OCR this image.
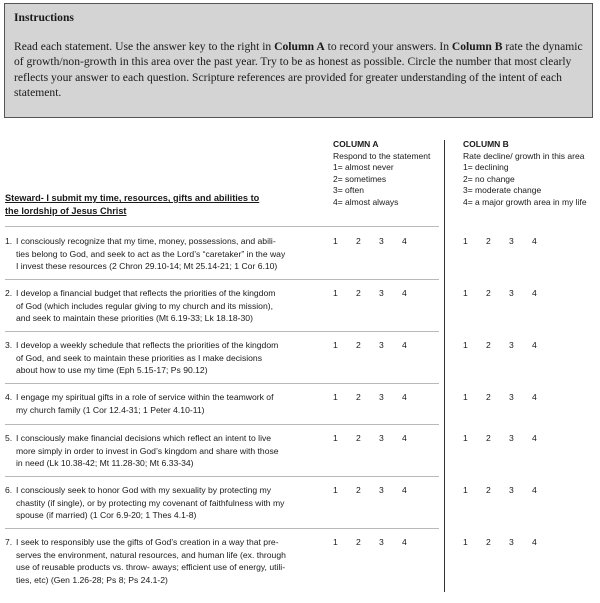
Instructions

Read each statement. Use the answer key to the right in Column A to record your answers. In Column B rate the dynamic of growth/non-growth in this area over the past year. Try to be as honest as possible. Circle the number that most clearly reflects your answer to each question. Scripture references are provided for greater understanding of the intent of each statement.

COLUMN A
Respond to the statement
1= almost never
2= sometimes
3= often
4= almost always
COLUMN B
Rate decline/ growth in this area
1= declining
2= no change
3= moderate change
4= a major growth area in my life
Steward- I submit my time, resources, gifts and abilities to
the lordship of Jesus Christ
1. I consciously recognize that my time, money, possessions, and abili-
ties belong to God, and seek to act as the Lord’s “caretaker” in the way
I invest these resources (2 Chron 29.10-14; Mt 25.14-21; 1 Cor 6.10)
1	2	3	4	1	2	3	4
2. I develop a financial budget that reflects the priorities of the kingdom
of God (which includes regular giving to my church and its mission),
and seek to maintain these priorities (Mt 6.19-33; Lk 18.18-30)
1	2	3	4	1	2	3	4
3. I develop a weekly schedule that reflects the priorities of the kingdom
of God, and seek to maintain these priorities as I make decisions
about how to use my time (Eph 5.15-17; Ps 90.12)
1	2	3	4	1	2	3	4
4. I engage my spiritual gifts in a role of service within the teamwork of
my church family (1 Cor 12.4-31; 1 Peter 4.10-11)
1	2	3	4	1	2	3	4
5. I consciously make financial decisions which reflect an intent to live
more simply in order to invest in God’s kingdom and share with those
in need (Lk 10.38-42; Mt 11.28-30; Mt 6.33-34)
1	2	3	4	1	2	3	4
6. I consciously seek to honor God with my sexuality by protecting my
chastity (if single), or by protecting my covenant of faithfulness with my
spouse (if married) (1 Cor 6.9-20; 1 Thes 4.1-8)
1	2	3	4	1	2	3	4
7. I seek to responsibly use the gifts of God’s creation in a way that pre-
serves the environment, natural resources, and human life (ex. through
use of reusable products vs. throw- aways; efficient use of energy, utili-
ties, etc) (Gen 1.26-28; Ps 8; Ps 24.1-2)
1	2	3	4	1	2	3	4
